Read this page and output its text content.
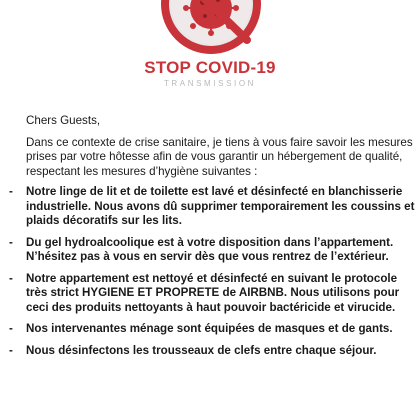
STOP COVID-19
TRANSMISSION
Chers Guests,
Dans ce contexte de crise sanitaire, je tiens à vous faire savoir les mesures prises par votre hôtesse afin de vous garantir un hébergement de qualité, respectant les mesures d’hygiène suivantes :
- Notre linge de lit et de toilette est lavé et désinfecté en blanchisserie industrielle. Nous avons dû supprimer temporairement les coussins et plaids décoratifs sur les lits.
- Du gel hydroalcoolique est à votre disposition dans l’appartement. N’hésitez pas à vous en servir dès que vous rentrez de l’extérieur.
- Notre appartement est nettoyé et désinfecté en suivant le protocole très strict HYGIENE ET PROPRETE de AIRBNB. Nous utilisons pour ceci des produits nettoyants à haut pouvoir bactéricide et virucide.
- Nos intervenantes ménage sont équipées de masques et de gants.
- Nous désinfectons les trousseaux de clefs entre chaque séjour.
